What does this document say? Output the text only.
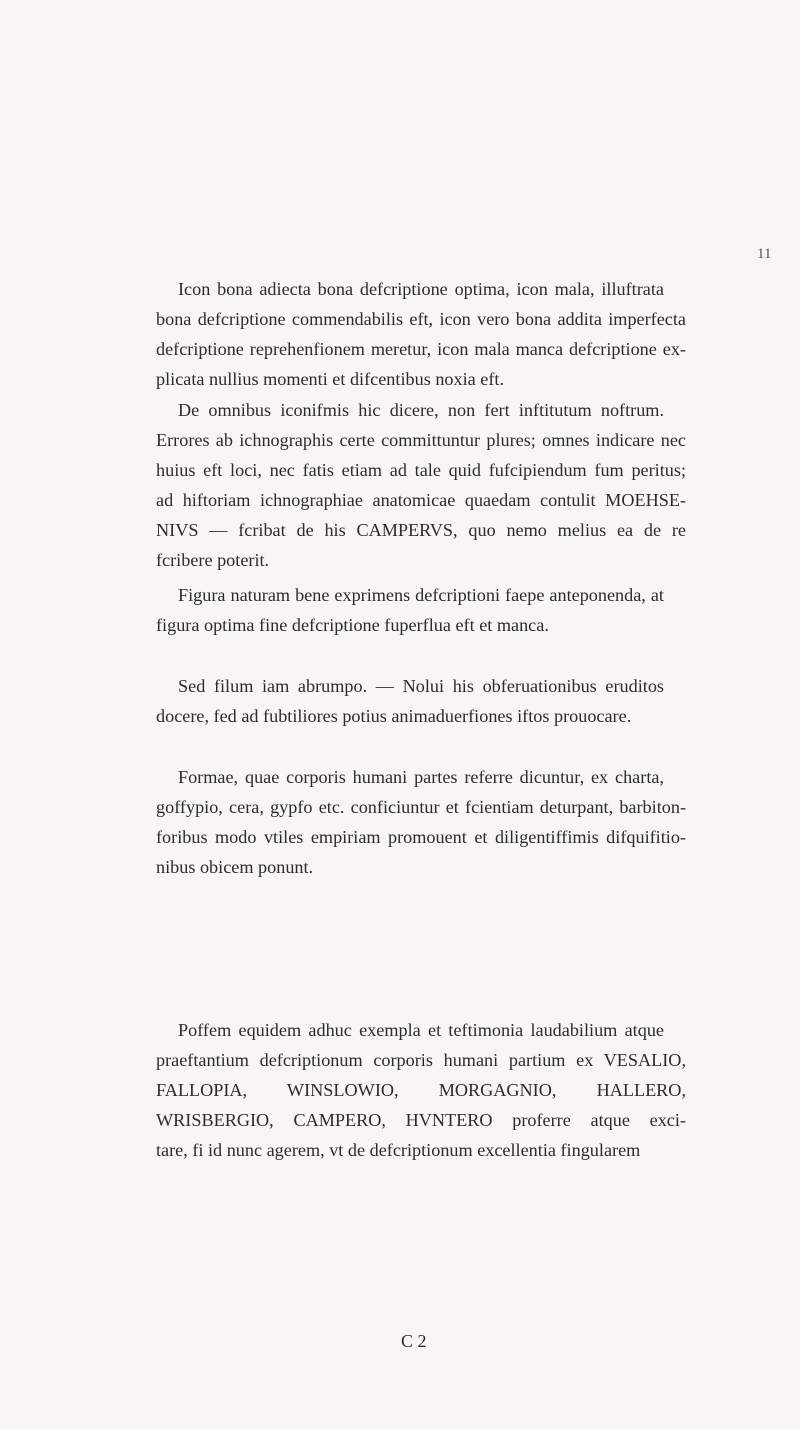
11

Icon bona adiecta bona defcriptione optima, icon mala, illuftrata
bona defcriptione commendabilis eft, icon vero bona addita imperfecta
defcriptione reprehenfionem meretur, icon mala manca defcriptione ex-
plicata nullius momenti et difcentibus noxia eft.

De omnibus iconifmis hic dicere, non fert inftitutum noftrum.
Errores ab ichnographis certe committuntur plures; omnes indicare nec
huius eft loci, nec fatis etiam ad tale quid fufcipiendum fum peritus;
ad hiftoriam ichnographiae anatomicae quaedam contulit MOEHSE-
NIVS — fcribat de his CAMPERVS, quo nemo melius ea de re
fcribere poterit.

Figura naturam bene exprimens defcriptioni faepe anteponenda, at
figura optima fine defcriptione fuperflua eft et manca.

Sed filum iam abrumpo. — Nolui his obferuationibus eruditos
docere, fed ad fubtiliores potius animaduerfiones iftos prouocare.

Formae, quae corporis humani partes referre dicuntur, ex charta,
goffypio, cera, gypfo etc. conficiuntur et fcientiam deturpant, barbiton-
foribus modo vtiles empiriam promouent et diligentiffimis difquifitio-
nibus obicem ponunt.

Poffem equidem adhuc exempla et teftimonia laudabilium atque
praeftantium defcriptionum corporis humani partium ex VESALIO,
FALLOPIA, WINSLOWIO, MORGAGNIO, HALLERO,
WRISBERGIO, CAMPERO, HVNTERO proferre atque exci-
tare, fi id nunc agerem, vt de defcriptionum excellentia fingularem

C 2
